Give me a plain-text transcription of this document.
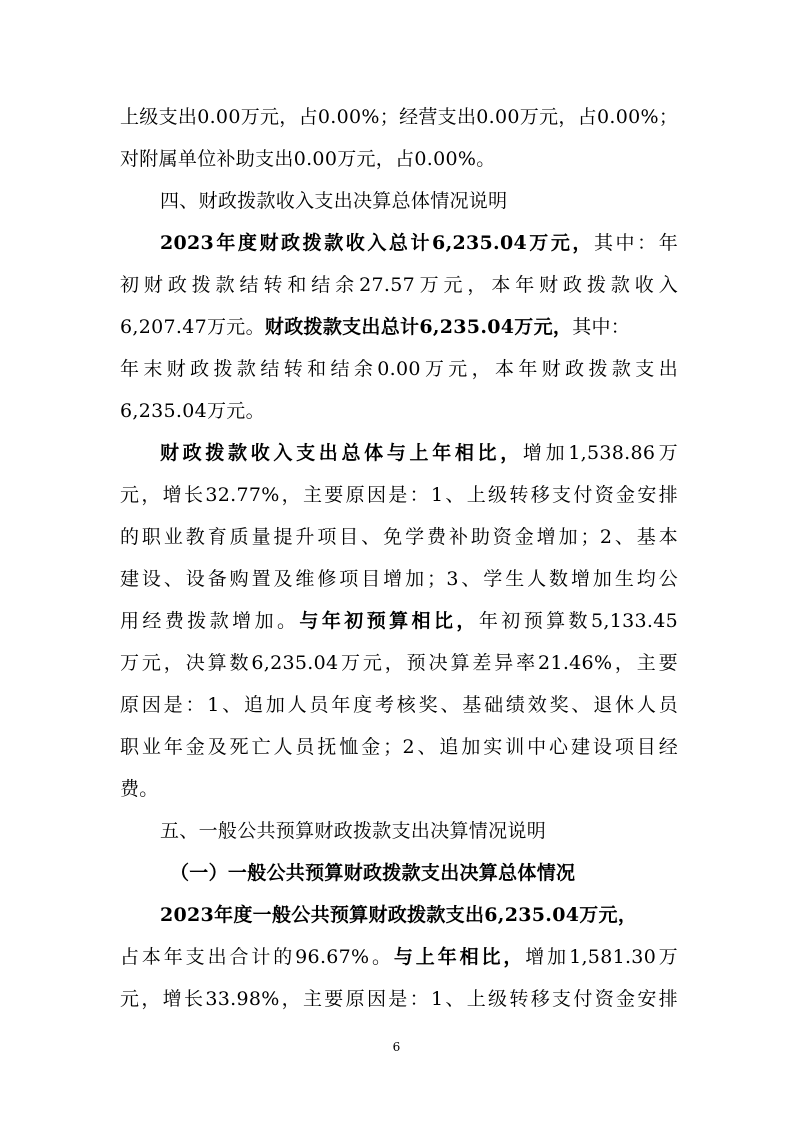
上级支出0.00万元，占0.00%；经营支出0.00万元，占0.00%；
对附属单位补助支出0.00万元，占0.00%。
四、财政拨款收入支出决算总体情况说明
2023年度财政拨款收入总计6,235.04万元，其中：年
初财政拨款结转和结余27.57万元，本年财政拨款收入
6,207.47万元。财政拨款支出总计6,235.04万元，其中：
年末财政拨款结转和结余0.00万元，本年财政拨款支出
6,235.04万元。
财政拨款收入支出总体与上年相比，增加1,538.86万
元，增长32.77%，主要原因是：1、上级转移支付资金安排
的职业教育质量提升项目、免学费补助资金增加；2、基本
建设、设备购置及维修项目增加；3、学生人数增加生均公
用经费拨款增加。与年初预算相比，年初预算数5,133.45
万元，决算数6,235.04万元，预决算差异率21.46%，主要
原因是：1、追加人员年度考核奖、基础绩效奖、退休人员
职业年金及死亡人员抚恤金；2、追加实训中心建设项目经
费。
五、一般公共预算财政拨款支出决算情况说明
（一）一般公共预算财政拨款支出决算总体情况
2023年度一般公共预算财政拨款支出6,235.04万元，
占本年支出合计的96.67%。与上年相比，增加1,581.30万
元，增长33.98%，主要原因是：1、上级转移支付资金安排
6
